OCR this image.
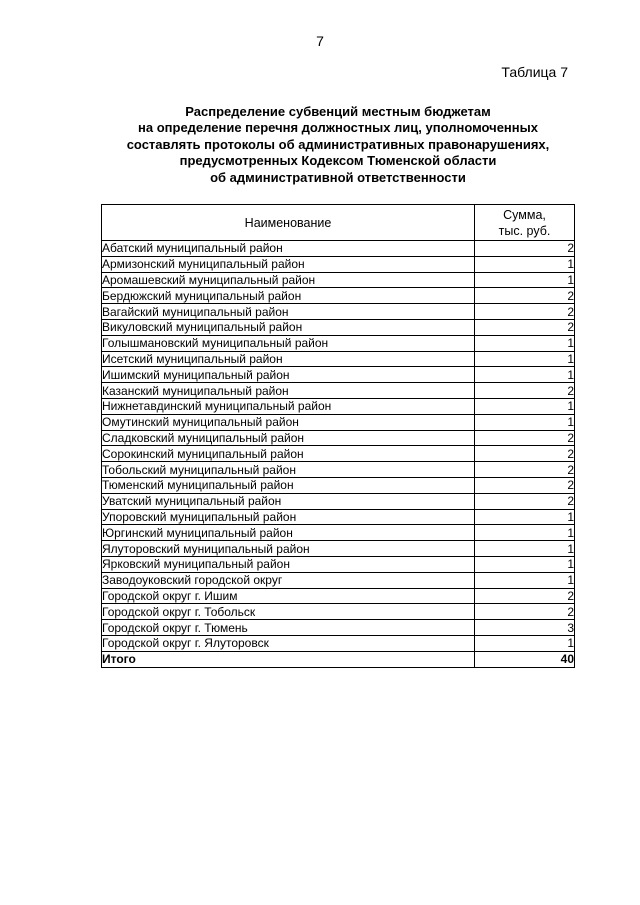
7
Таблица 7
Распределение субвенций местным бюджетам
на определение перечня должностных лиц, уполномоченных
составлять протоколы об административных правонарушениях,
предусмотренных Кодексом Тюменской области
об административной ответственности
Наименование	Сумма,
тыс. руб.

Абатский муниципальный район	2
Армизонский муниципальный район	1
Аромашевский муниципальный район	1
Бердюжский муниципальный район	2
Вагайский муниципальный район	2
Викуловский муниципальный район	2
Голышмановский муниципальный район	1
Исетский муниципальный район	1
Ишимский муниципальный район	1
Казанский муниципальный район	2
Нижнетавдинский муниципальный район	1
Омутинский муниципальный район	1
Сладковский муниципальный район	2
Сорокинский муниципальный район	2
Тобольский муниципальный район	2
Тюменский муниципальный район	2
Уватский муниципальный район	2
Упоровский муниципальный район	1
Юргинский муниципальный район	1
Ялуторовский муниципальный район	1
Ярковский муниципальный район	1
Заводоуковский городской округ	1
Городской округ г. Ишим	2
Городской округ г. Тобольск	2
Городской округ г. Тюмень	3
Городской округ г. Ялуторовск	1
Итого	40
